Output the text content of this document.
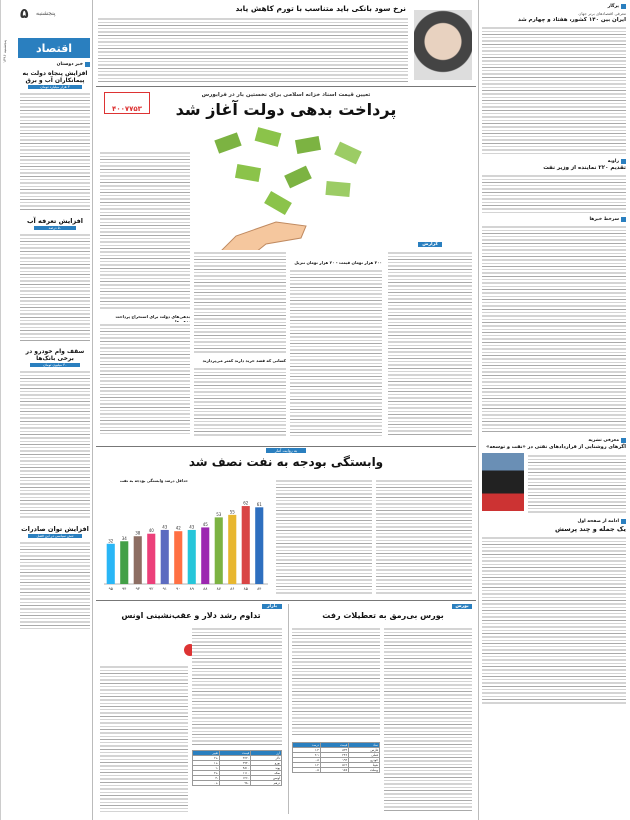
پنجشنبه ۱۳۹۶	اقتصاد
۵ پنجشنبه
خبر دوستان
افزایش پنجاه دولت به پیمانکاران آب و برق
۳ هزار میلیارد تومان
افزایش تعرفه آب
۵۰ درصد
سقف وام خودرو در برخی بانک‌ها
۳۰ میلیون تومان
افزایش توان صادرات
تنش سیاسی در این فصل
نرخ سود بانکی باید متناسب با تورم کاهش یابد
تعیین قیمت اسناد خزانه اسلامی برای نخستین بار در فرابورس
پرداخت بدهی دولت آغاز شد
۴۰۰۷۷۵۳
گزارش
۳۰۰ هزار تومان قیمت - ۲۰ هزار تومان تنزیل
کسانی که قصد خرید دارند کمتر می‌پردازند
بدهی‌های دولت برای استخراج پرداخت
به روایت آمار
وابستگی بودجه به نفت نصف شد
حداقل درصد وابستگی بودجه به نفت
61
۸۴
62
۸۵
55
۸۶
53
۸۷
45
۸۸
43
۸۹
42
۹۰
43
۹۱
40
۹۲
38
۹۳
34
۹۴
32
۹۵
بورس
بورس بی‌رمق به تعطیلات رفت
نماد	قیمت	درصد
فارس	۸۲۴	۱.۴
فملی	۲۴۶	۲.۱
خودرو	۱۹۳	۰.۸
شپنا	۵۱۲	۱.۲
وبملت	۱۷۸	۰.۵
بازار
تداوم رشد دلار و عقب‌نشینی اونس
ارز	قیمت	تغییر
دلار	۳۶۲۰	+۲
یورو	۳۹۴۰	+۱
پوند	۴۸۱۰	-۱
سکه	۱۱۱۰	+۳
اونس	۱۲۶۰	-۴
درهم	۹۸۰	+۰
پرگار
معرفی اقتصادهای برتر جهان
ایران بین ۱۴۰ کشور، هفتاد و چهارم شد
زاویه
تقدیم ۲۲۰ نماینده از وزیر نفت
سرخط خبرها
معرفی نشریه
اگرهای روشنایی از قراردادهای نفتی در «نفت و توسعه»
ادامه از صفحه اول
یک جمله و چند پرسش
